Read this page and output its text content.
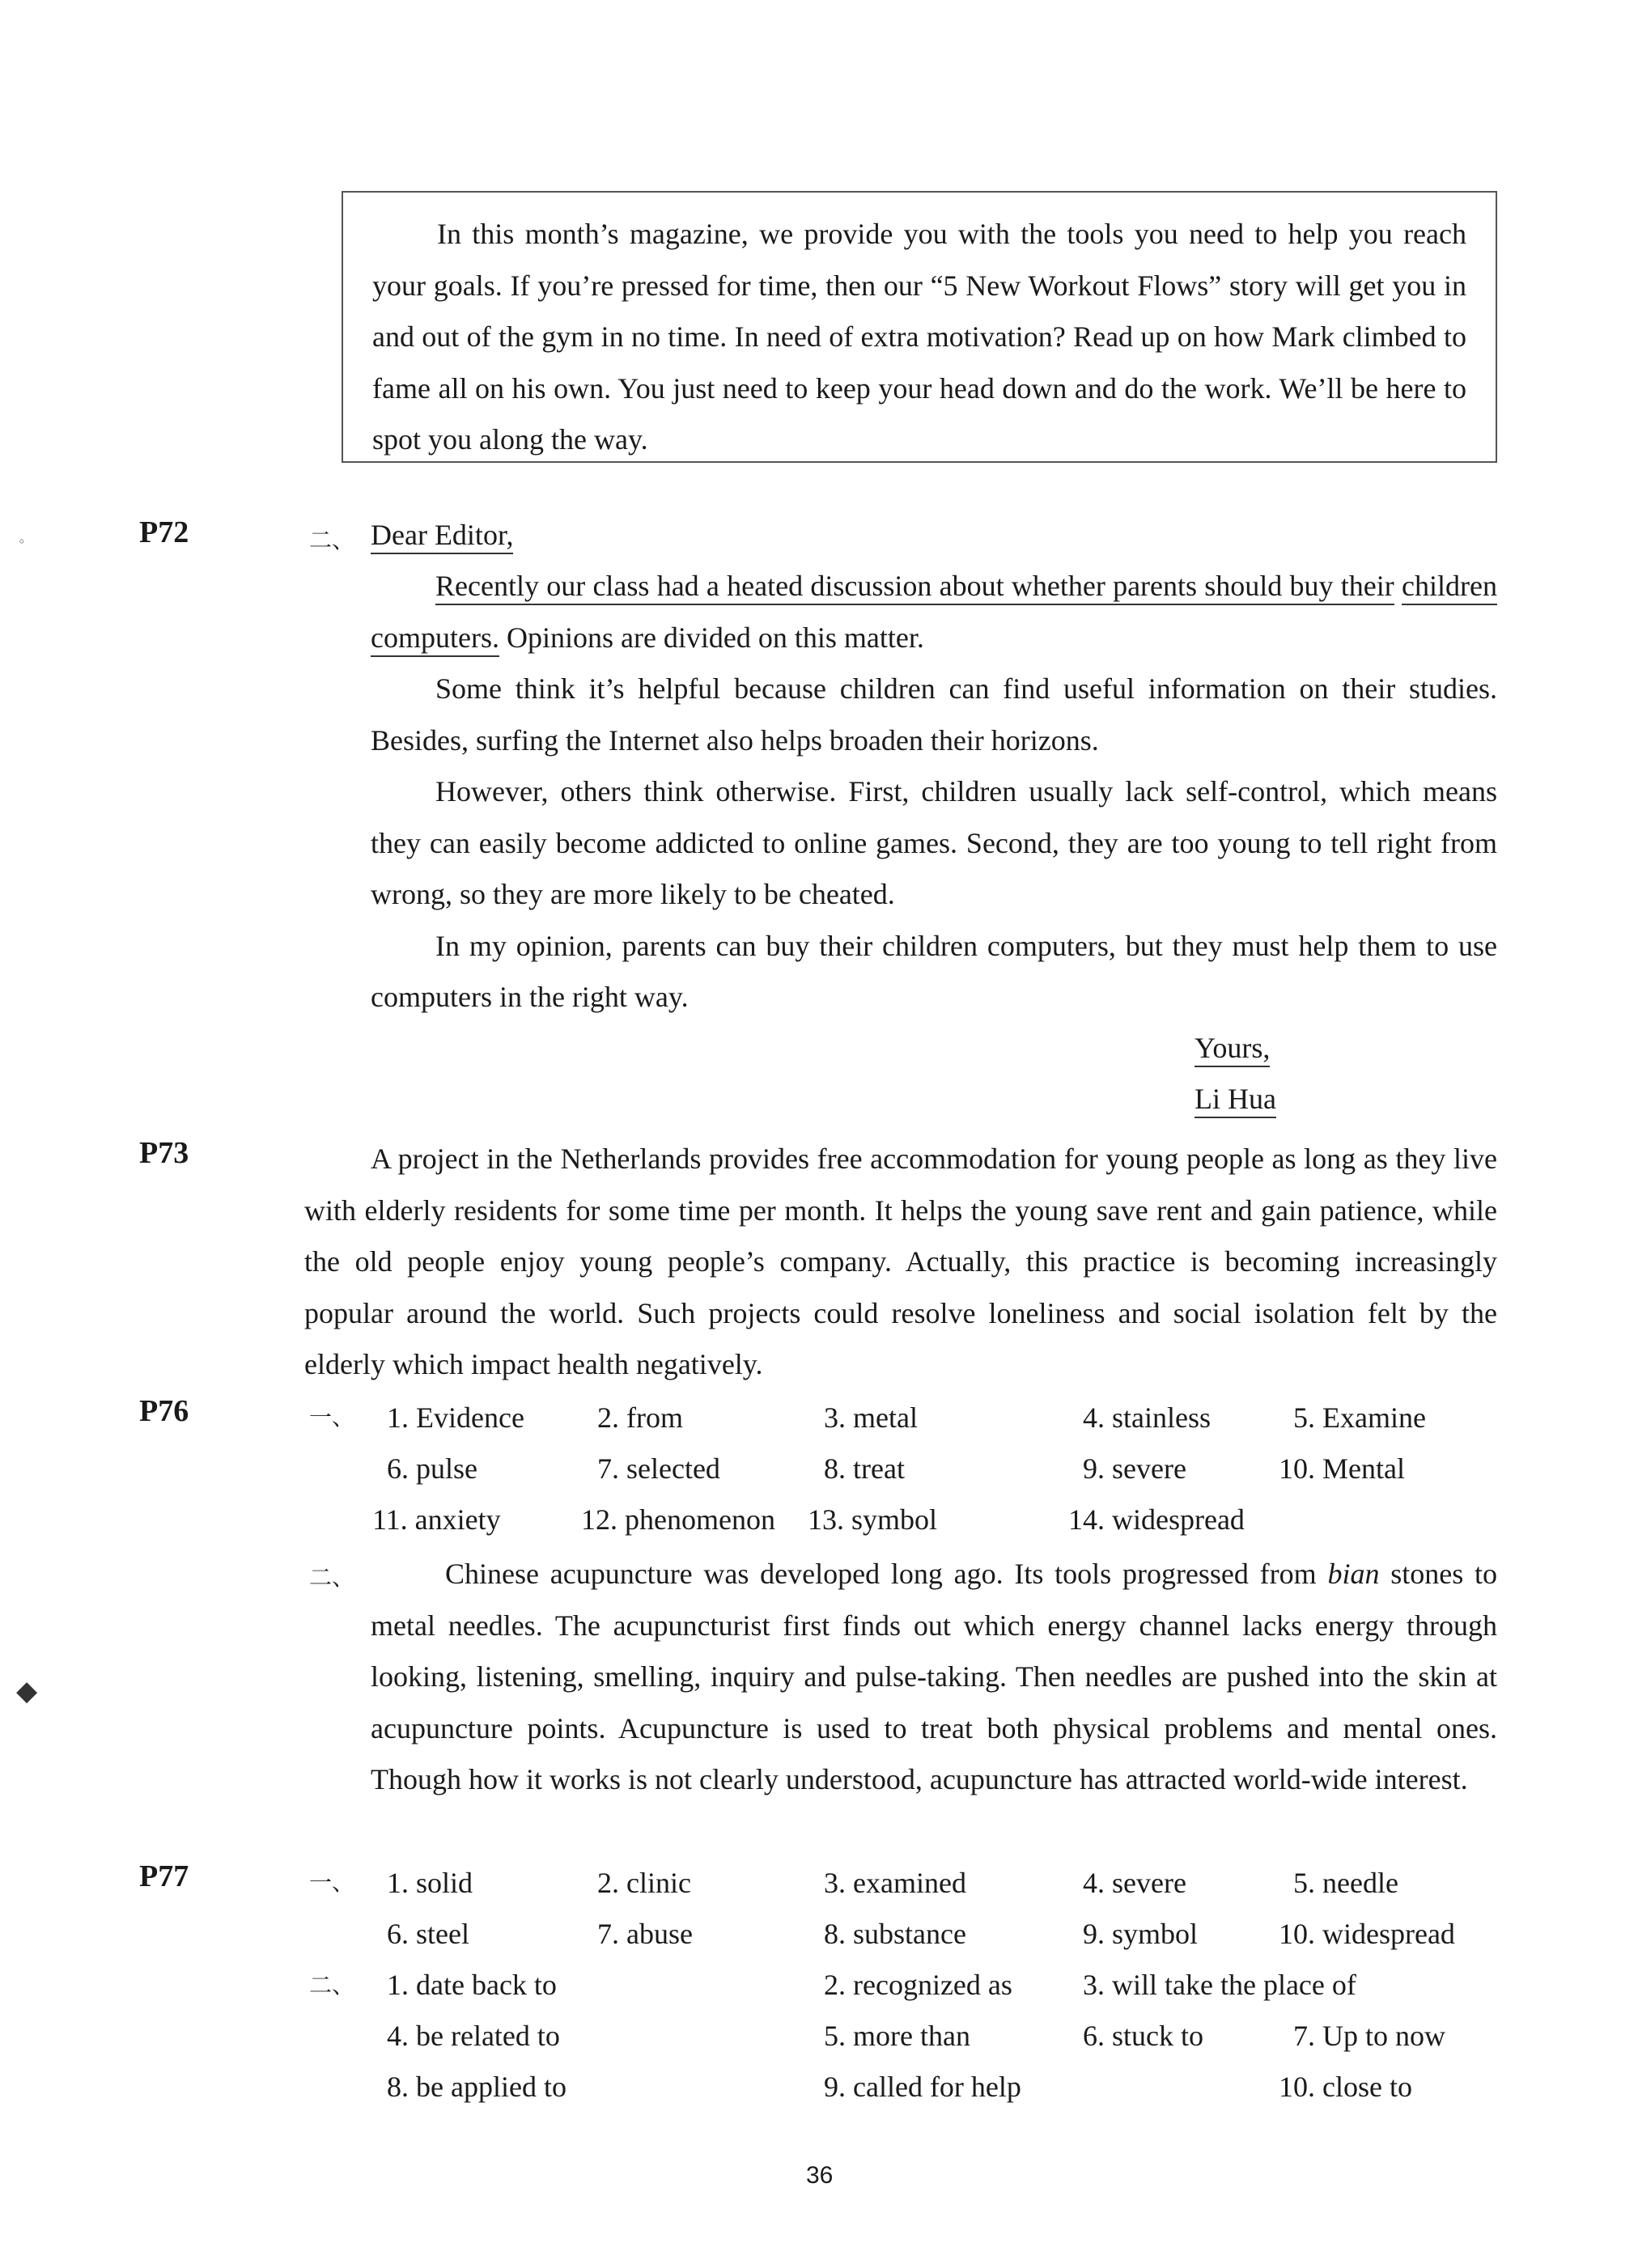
◦
◆

In this month’s magazine, we provide you with the tools you need to help you reach your goals. If you’re pressed for time, then our “5 New Workout Flows” story will get you in and out of the gym in no time. In need of extra motivation? Read up on how Mark climbed to fame all on his own. You just need to keep your head down and do the work. We’ll be here to spot you along the way.

P72	二、 Dear Editor,

Recently our class had a heated discussion about whether parents should buy their children computers. Opinions are divided on this matter.

Some think it’s helpful because children can find useful information on their studies. Besides, surfing the Internet also helps broaden their horizons.

However, others think otherwise. First, children usually lack self-control, which means they can easily become addicted to online games. Second, they are too young to tell right from wrong, so they are more likely to be cheated.

In my opinion, parents can buy their children computers, but they must help them to use computers in the right way.

Yours,
Li Hua
P73	A project in the Netherlands provides free accommodation for young people as long as they live with elderly residents for some time per month. It helps the young save rent and gain patience, while the old people enjoy young people’s company. Actually, this practice is becoming increasingly popular around the world. Such projects could resolve loneliness and social isolation felt by the elderly which impact health negatively.

P76	一、 1. Evidence	2. from	3. metal	4. stainless	5. Examine
6. pulse	7. selected	8. treat	9. severe	10. Mental
11. anxiety	12. phenomenon 13. symbol	14. widespread
二、	Chinese acupuncture was developed long ago. Its tools progressed from bian stones to metal needles. The acupuncturist first finds out which energy channel lacks energy through looking, listening, smelling, inquiry and pulse-taking. Then needles are pushed into the skin at acupuncture points. Acupuncture is used to treat both physical problems and mental ones. Though how it works is not clearly understood, acupuncture has attracted world-wide interest.

P77	一、 1. solid	2. clinic	3. examined	4. severe	5. needle
6. steel	7. abuse	8. substance	9. symbol	10. widespread
二、 1. date back to	2. recognized as 3. will take the place of
4. be related to	5. more than	6. stuck to	7. Up to now
8. be applied to	9. called for help	10. close to
36
